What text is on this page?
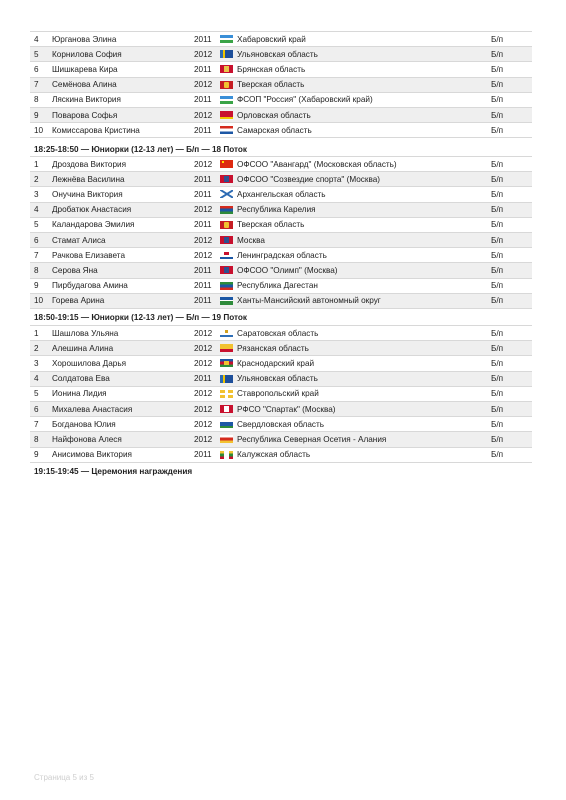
4	Юрганова Элина	2011	Хабаровский край	Б/п
5	Корнилова София	2012	Ульяновская область	Б/п
6	Шишкарева Кира	2011	Брянская область	Б/п
7	Семёнова Алина	2012	Тверская область	Б/п
8	Ляскина Виктория	2011	ФСОП "Россия" (Хабаровский край)	Б/п
9	Поварова Софья	2012	Орловская область	Б/п
10	Комиссарова Кристина	2011	Самарская область	Б/п
18:25-18:50 — Юниорки (12-13 лет) — Б/п — 18 Поток
1	Дроздова Виктория	2012	ОФСОО "Авангард" (Московская область)	Б/п
2	Лежнёва Василина	2011	ОФСОО "Созвездие спорта" (Москва)	Б/п
3	Онучина Виктория	2011	Архангельская область	Б/п
4	Дробатюк Анастасия	2012	Республика Карелия	Б/п
5	Каландарова Эмилия	2011	Тверская область	Б/п
6	Стамат Алиса	2012	Москва	Б/п
7	Рачкова Елизавета	2012	Ленинградская область	Б/п
8	Серова Яна	2011	ОФСОО "Олимп" (Москва)	Б/п
9	Пирбудагова Амина	2011	Республика Дагестан	Б/п
10	Горева Арина	2011	Ханты-Мансийский автономный округ	Б/п
18:50-19:15 — Юниорки (12-13 лет) — Б/п — 19 Поток
1	Шашлова Ульяна	2012	Саратовская область	Б/п
2	Алешина Алина	2012	Рязанская область	Б/п
3	Хорошилова Дарья	2012	Краснодарский край	Б/п
4	Солдатова Ева	2011	Ульяновская область	Б/п
5	Ионина Лидия	2012	Ставропольский край	Б/п
6	Михалева Анастасия	2012	РФСО "Спартак" (Москва)	Б/п
7	Богданова Юлия	2012	Свердловская область	Б/п
8	Найфонова Алеся	2012	Республика Северная Осетия - Алания	Б/п
9	Анисимова Виктория	2011	Калужская область	Б/п
19:15-19:45 — Церемония награждения
Страница 5 из 5
